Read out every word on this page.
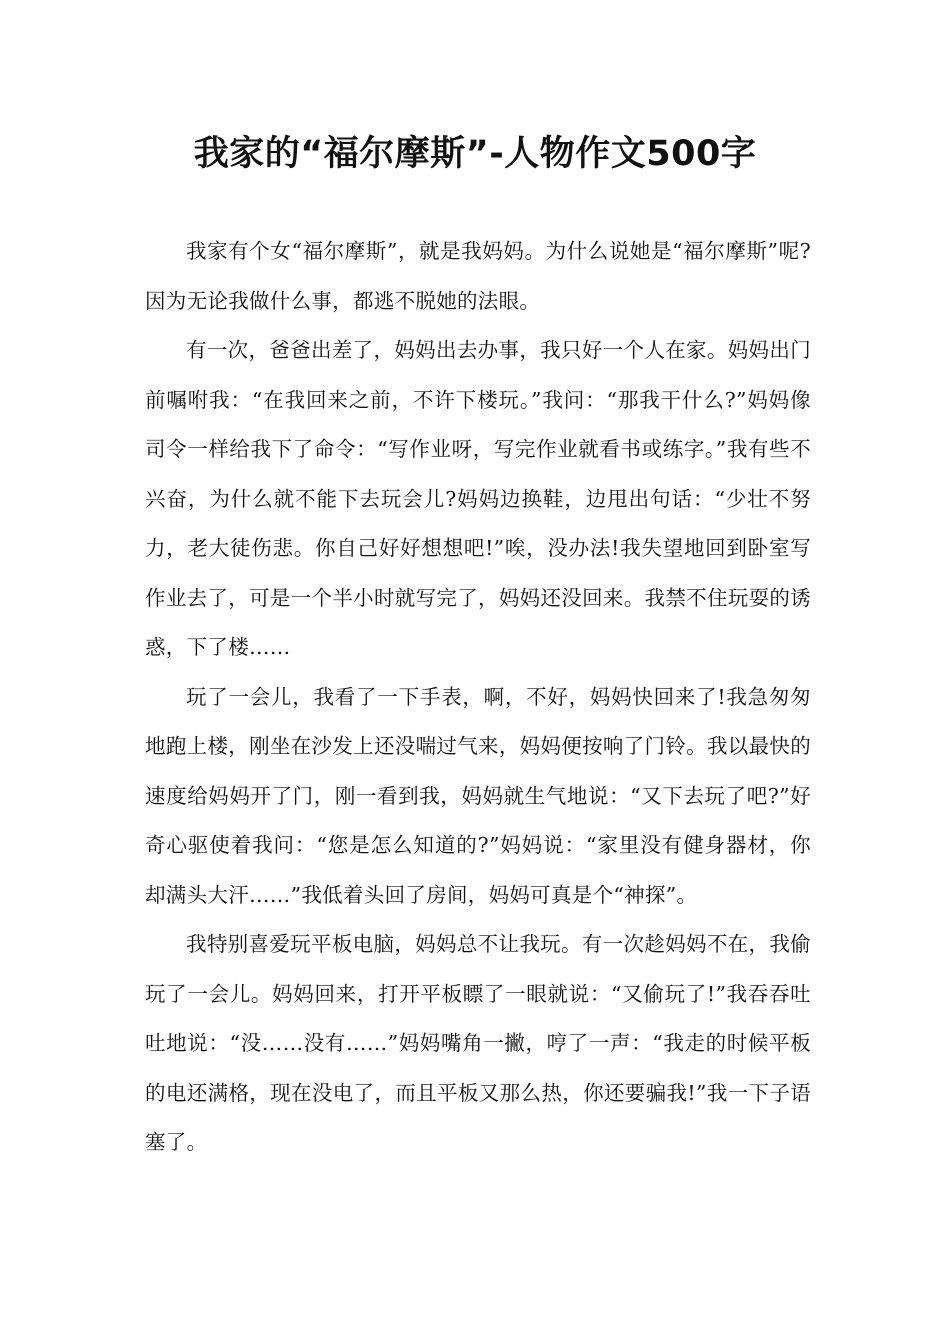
我家的“福尔摩斯”-人物作文500字

我家有个女“福尔摩斯”，就是我妈妈。为什么说她是“福尔摩斯”呢?因为无论我做什么事，都逃不脱她的法眼。

有一次，爸爸出差了，妈妈出去办事，我只好一个人在家。妈妈出门前嘱咐我：“在我回来之前，不许下楼玩。”我问：“那我干什么?”妈妈像司令一样给我下了命令：“写作业呀，写完作业就看书或练字。”我有些不兴奋，为什么就不能下去玩会儿?妈妈边换鞋，边甩出句话：“少壮不努力，老大徒伤悲。你自己好好想想吧!”唉，没办法!我失望地回到卧室写作业去了，可是一个半小时就写完了，妈妈还没回来。我禁不住玩耍的诱惑，下了楼……

玩了一会儿，我看了一下手表，啊，不好，妈妈快回来了!我急匆匆地跑上楼，刚坐在沙发上还没喘过气来，妈妈便按响了门铃。我以最快的速度给妈妈开了门，刚一看到我，妈妈就生气地说：“又下去玩了吧?”好奇心驱使着我问：“您是怎么知道的?”妈妈说：“家里没有健身器材，你却满头大汗……”我低着头回了房间，妈妈可真是个“神探”。

我特别喜爱玩平板电脑，妈妈总不让我玩。有一次趁妈妈不在，我偷玩了一会儿。妈妈回来，打开平板瞟了一眼就说：“又偷玩了!”我吞吞吐吐地说：“没……没有……”妈妈嘴角一撇，哼了一声：“我走的时候平板的电还满格，现在没电了，而且平板又那么热，你还要骗我!”我一下子语塞了。
